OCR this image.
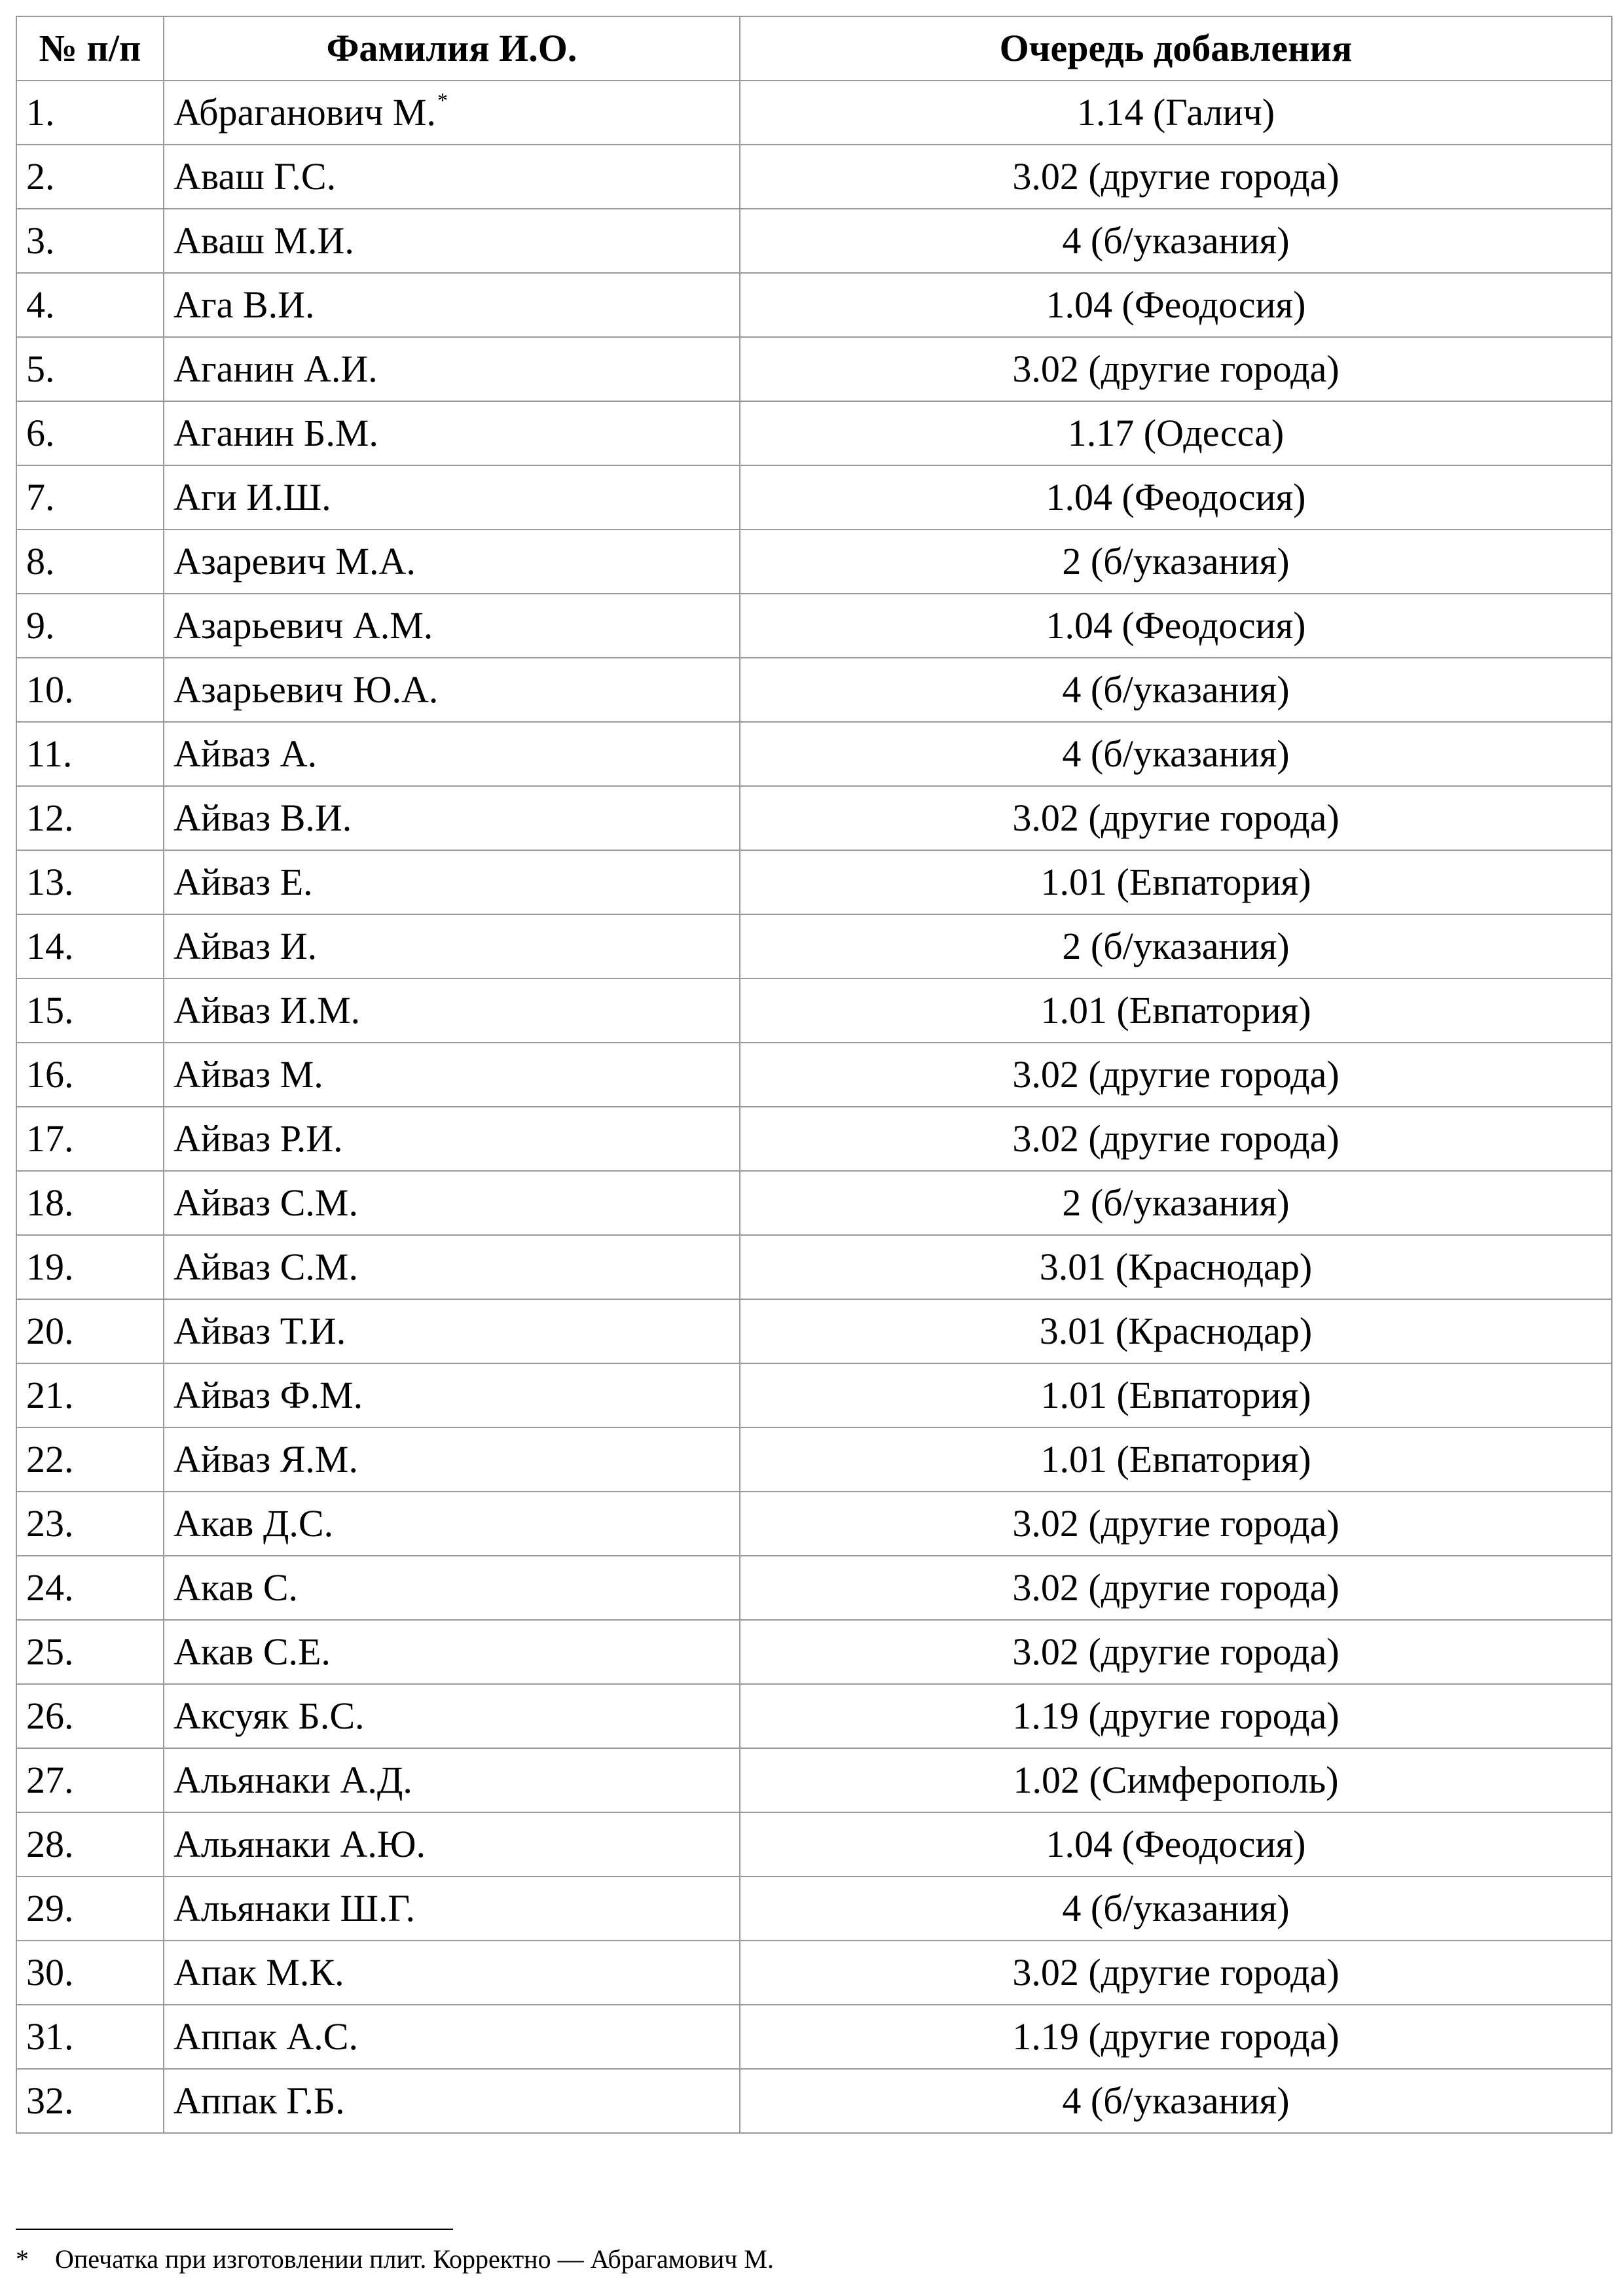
№ п/п	Фамилия И.О.	Очередь добавления
1.	Абраганович М.*	1.14 (Галич)
2.	Аваш Г.С.	3.02 (другие города)
3.	Аваш М.И.	4 (б/указания)
4.	Ага В.И.	1.04 (Феодосия)
5.	Аганин А.И.	3.02 (другие города)
6.	Аганин Б.М.	1.17 (Одесса)
7.	Аги И.Ш.	1.04 (Феодосия)
8.	Азаревич М.А.	2 (б/указания)
9.	Азарьевич А.М.	1.04 (Феодосия)
10.	Азарьевич Ю.А.	4 (б/указания)
11.	Айваз А.	4 (б/указания)
12.	Айваз В.И.	3.02 (другие города)
13.	Айваз Е.	1.01 (Евпатория)
14.	Айваз И.	2 (б/указания)
15.	Айваз И.М.	1.01 (Евпатория)
16.	Айваз М.	3.02 (другие города)
17.	Айваз Р.И.	3.02 (другие города)
18.	Айваз С.М.	2 (б/указания)
19.	Айваз С.М.	3.01 (Краснодар)
20.	Айваз Т.И.	3.01 (Краснодар)
21.	Айваз Ф.М.	1.01 (Евпатория)
22.	Айваз Я.М.	1.01 (Евпатория)
23.	Акав Д.С.	3.02 (другие города)
24.	Акав С.	3.02 (другие города)
25.	Акав С.Е.	3.02 (другие города)
26.	Аксуяк Б.С.	1.19 (другие города)
27.	Альянаки А.Д.	1.02 (Симферополь)
28.	Альянаки А.Ю.	1.04 (Феодосия)
29.	Альянаки Ш.Г.	4 (б/указания)
30.	Апак М.К.	3.02 (другие города)
31.	Аппак А.С.	1.19 (другие города)
32.	Аппак Г.Б.	4 (б/указания)
* Опечатка при изготовлении плит. Корректно — Абрагамович М.
